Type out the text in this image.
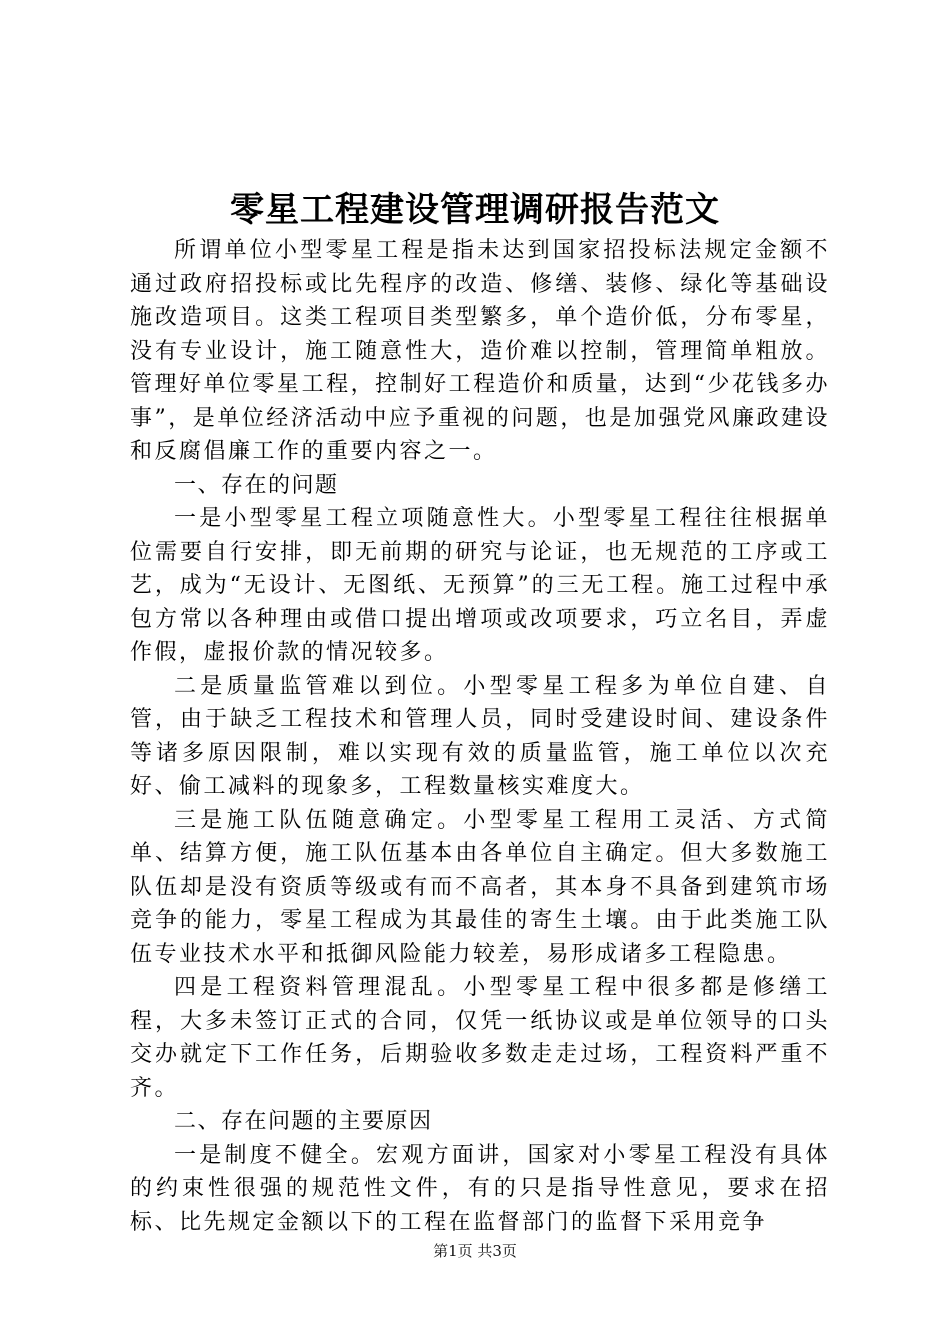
零星工程建设管理调研报告范文

所谓单位小型零星工程是指未达到国家招投标法规定金额不通过政府招投标或比先程序的改造、修缮、装修、绿化等基础设施改造项目。这类工程项目类型繁多，单个造价低，分布零星，没有专业设计，施工随意性大，造价难以控制，管理简单粗放。管理好单位零星工程，控制好工程造价和质量，达到“少花钱多办事”，是单位经济活动中应予重视的问题，也是加强党风廉政建设和反腐倡廉工作的重要内容之一。

一、存在的问题

一是小型零星工程立项随意性大。小型零星工程往往根据单位需要自行安排，即无前期的研究与论证，也无规范的工序或工艺，成为“无设计、无图纸、无预算”的三无工程。施工过程中承包方常以各种理由或借口提出增项或改项要求，巧立名目，弄虚作假，虚报价款的情况较多。

二是质量监管难以到位。小型零星工程多为单位自建、自管，由于缺乏工程技术和管理人员，同时受建设时间、建设条件等诸多原因限制，难以实现有效的质量监管，施工单位以次充好、偷工减料的现象多，工程数量核实难度大。

三是施工队伍随意确定。小型零星工程用工灵活、方式简单、结算方便，施工队伍基本由各单位自主确定。但大多数施工队伍却是没有资质等级或有而不高者，其本身不具备到建筑市场竞争的能力，零星工程成为其最佳的寄生土壤。由于此类施工队伍专业技术水平和抵御风险能力较差，易形成诸多工程隐患。

四是工程资料管理混乱。小型零星工程中很多都是修缮工程，大多未签订正式的合同，仅凭一纸协议或是单位领导的口头交办就定下工作任务，后期验收多数走走过场，工程资料严重不齐。

二、存在问题的主要原因

一是制度不健全。宏观方面讲，国家对小零星工程没有具体的约束性很强的规范性文件，有的只是指导性意见，要求在招标、比先规定金额以下的工程在监督部门的监督下采用竞争

第1页 共3页
